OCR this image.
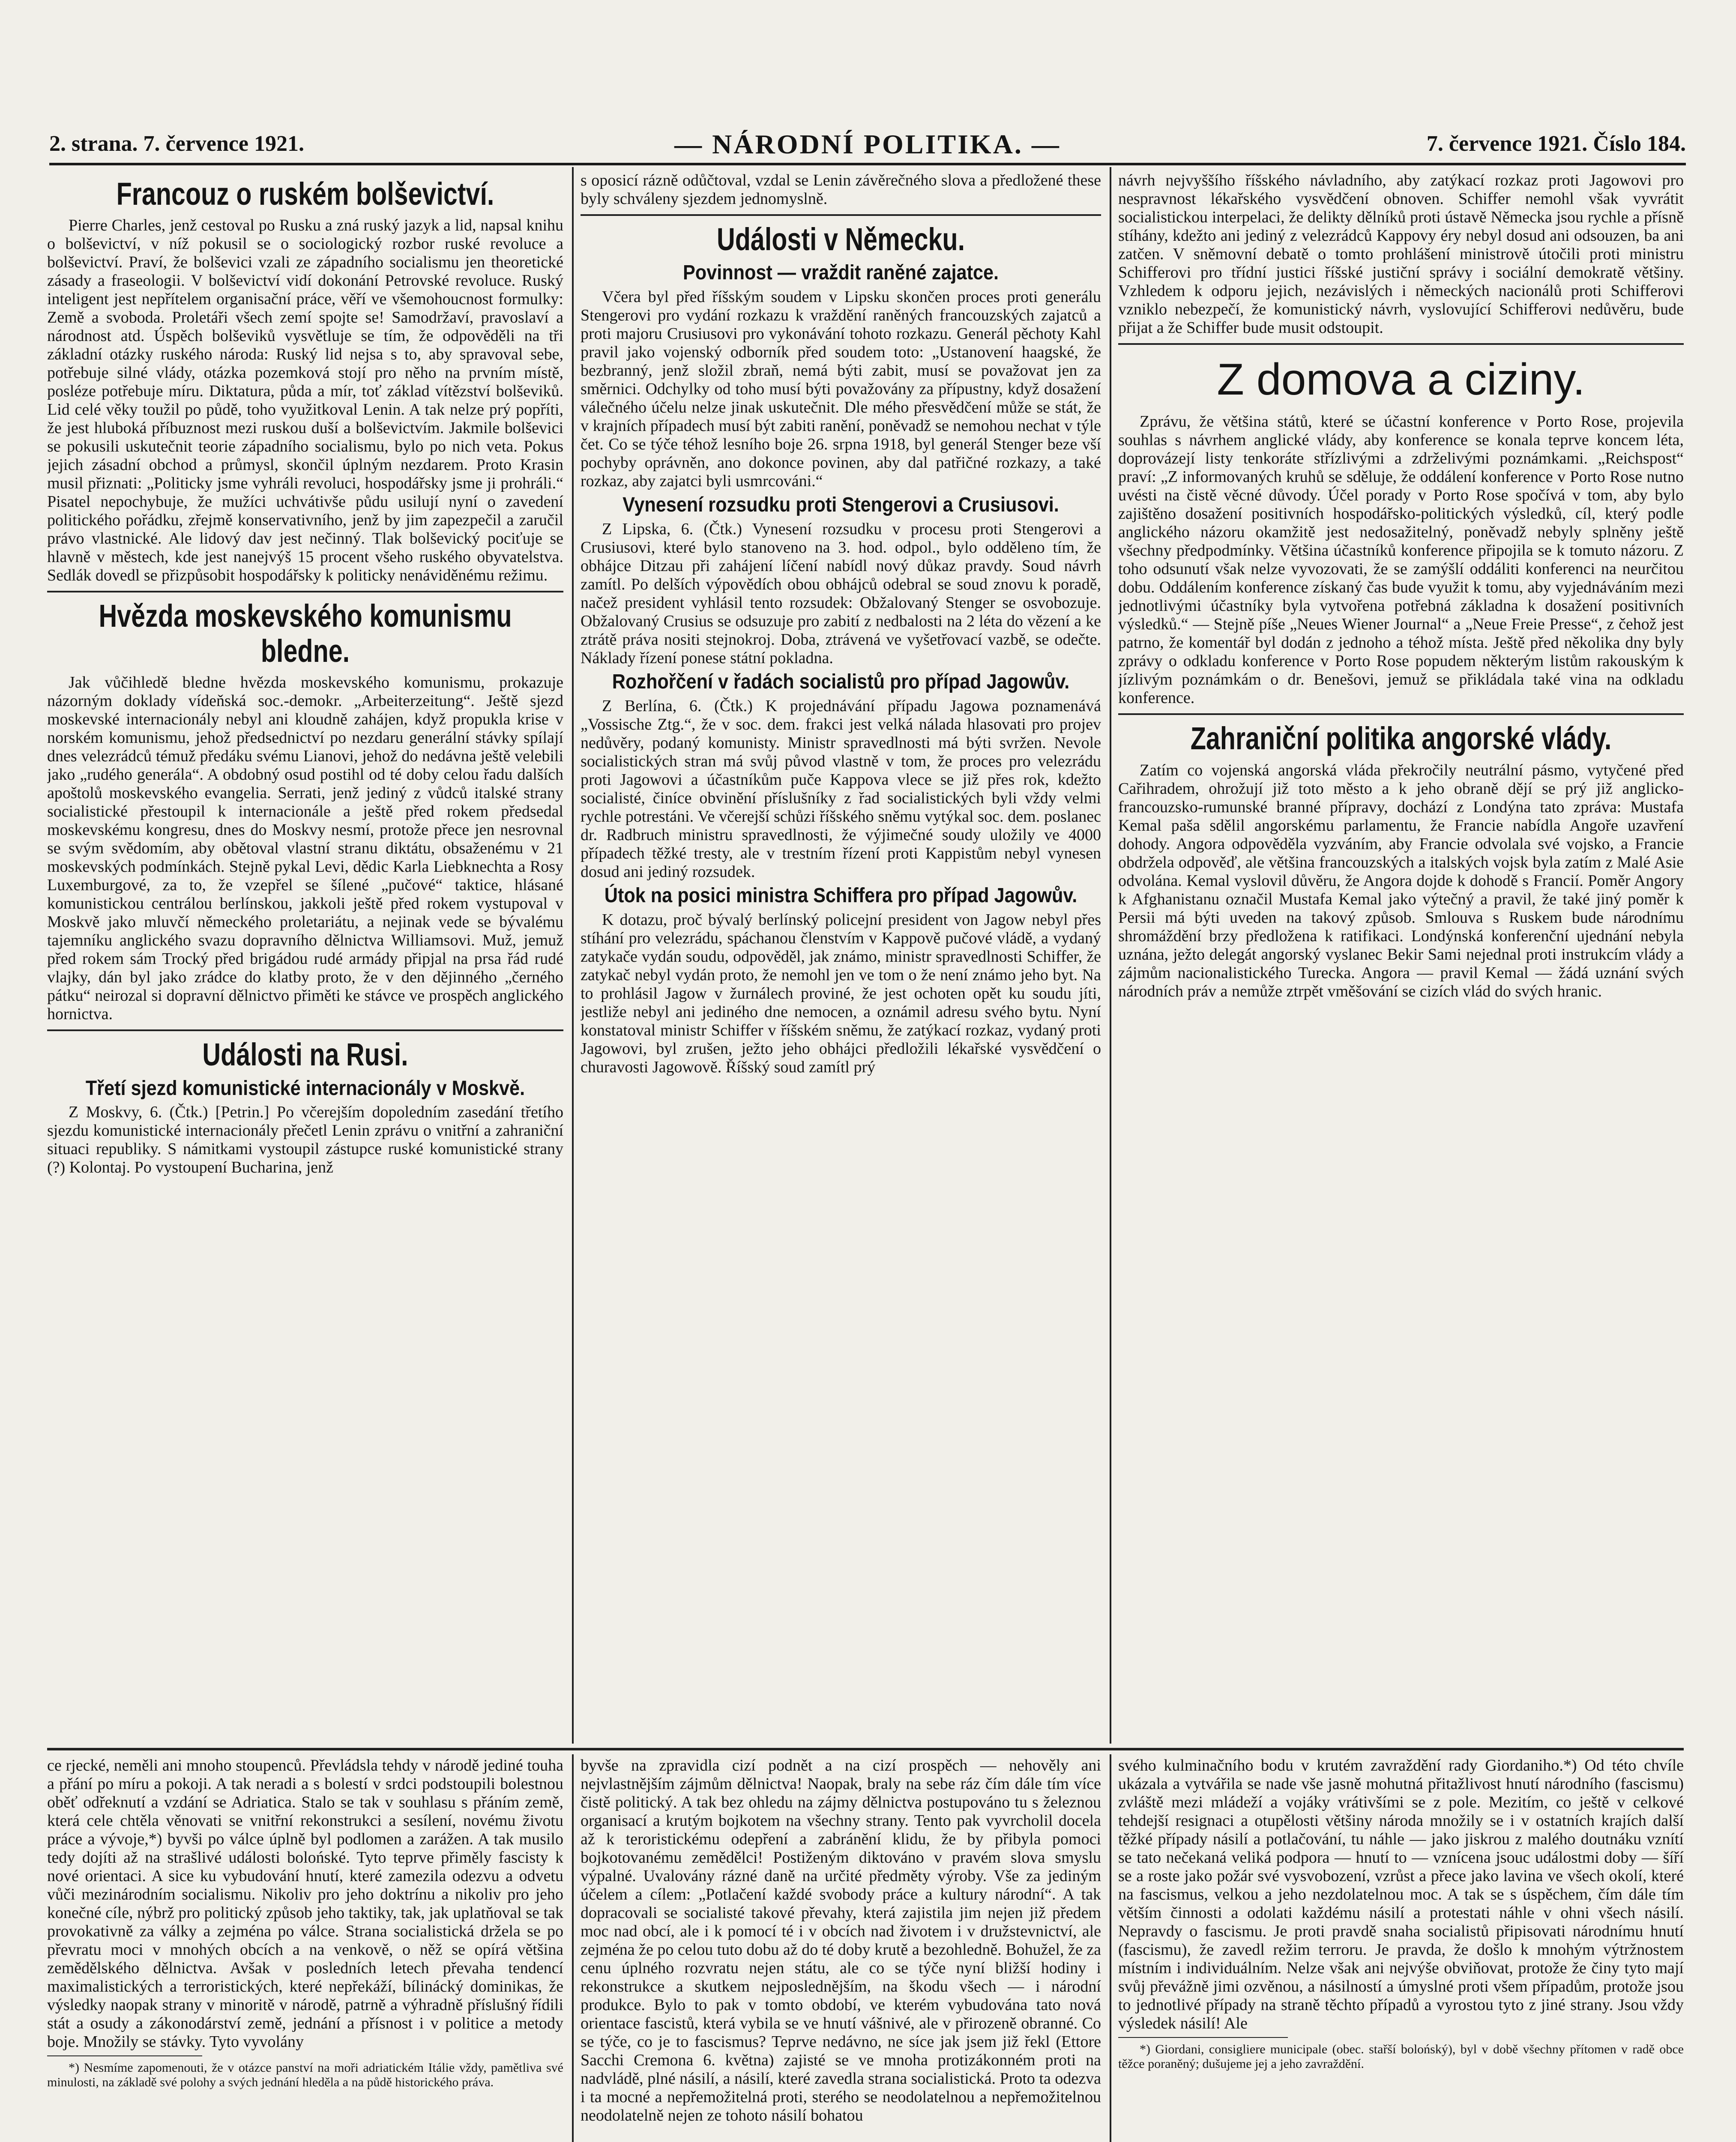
2. strana. 7. července 1921.	— NÁRODNÍ POLITIKA. —	7. července 1921. Číslo 184.
Francouz o ruském bolševictví.

Pierre Charles, jenž cestoval po Rusku a zná ruský jazyk a lid, napsal knihu o bolševictví, v níž pokusil se o sociologický rozbor ruské revoluce a bolševictví. Praví, že bolševici vzali ze západního socialismu jen theoretické zásady a fraseologii. V bolševictví vidí dokonání Petrovské revoluce. Ruský inteligent jest nepřítelem organisační práce, věří ve všemohoucnost formulky: Země a svoboda. Proletáři všech zemí spojte se! Samodržaví, pravoslaví a národnost atd. Úspěch bolševiků vysvětluje se tím, že odpověděli na tři základní otázky ruského národa: Ruský lid nejsa s to, aby spravoval sebe, potřebuje silné vlády, otázka pozemková stojí pro něho na prvním místě, posléze potřebuje míru. Diktatura, půda a mír, toť základ vítězství bolševiků. Lid celé věky toužil po půdě, toho využitkoval Lenin. A tak nelze prý popříti, že jest hluboká příbuznost mezi ruskou duší a bolševictvím. Jakmile bolševici se pokusili uskutečnit teorie západního socialismu, bylo po nich veta. Pokus jejich zásadní obchod a průmysl, skončil úplným nezdarem. Proto Krasin musil přiznati: „Politicky jsme vyhráli revoluci, hospodářsky jsme ji prohráli.“ Pisatel nepochybuje, že mužíci uchvátivše půdu usilují nyní o zavedení politického pořádku, zřejmě konservativního, jenž by jim zapezpečil a zaručil právo vlastnické. Ale lidový dav jest nečinný. Tlak bolševický pociťuje se hlavně v městech, kde jest nanejvýš 15 procent všeho ruského obyvatelstva. Sedlák dovedl se přizpůsobit hospodářsky k politicky nenáviděnému režimu.

Hvězda moskevského komunismu bledne.

Jak vůčihledě bledne hvězda moskevského komunismu, prokazuje názorným doklady vídeňská soc.-demokr. „Arbeiterzeitung“. Ještě sjezd moskevské internacionály nebyl ani kloudně zahájen, když propukla krise v norském komunismu, jehož předsednictví po nezdaru generální stávky spílají dnes velezrádců témuž předáku svému Lianovi, jehož do nedávna ještě velebili jako „rudého generála“. A obdobný osud postihl od té doby celou řadu dalších apoštolů moskevského evangelia. Serrati, jenž jediný z vůdců italské strany socialistické přestoupil k internacionále a ještě před rokem předsedal moskevskému kongresu, dnes do Moskvy nesmí, protože přece jen nesrovnal se svým svědomím, aby obětoval vlastní stranu diktátu, obsaženému v 21 moskevských podmínkách. Stejně pykal Levi, dědic Karla Liebknechta a Rosy Luxemburgové, za to, že vzepřel se šílené „pučové“ taktice, hlásané komunistickou centrálou berlínskou, jakkoli ještě před rokem vystupoval v Moskvě jako mluvčí německého proletariátu, a nejinak vede se bývalému tajemníku anglického svazu dopravního dělnictva Williamsovi. Muž, jemuž před rokem sám Trocký před brigádou rudé armády připjal na prsa řád rudé vlajky, dán byl jako zrádce do klatby proto, že v den dějinného „černého pátku“ neirozal si dopravní dělnictvo přiměti ke stávce ve prospěch anglického hornictva.

Události na Rusi.
Třetí sjezd komunistické internacionály v Moskvě.

Z Moskvy, 6. (Čtk.) [Petrin.] Po včerejším dopoledním zasedání třetího sjezdu komunistické internacionály přečetl Lenin zprávu o vnitřní a zahraniční situaci republiky. S námitkami vystoupil zástupce ruské komunistické strany (?) Kolontaj. Po vystoupení Bucharina, jenž

s oposicí rázně odůčtoval, vzdal se Lenin závěrečného slova a předložené these byly schváleny sjezdem jednomyslně.

Události v Německu.
Povinnost — vraždit raněné zajatce.

Včera byl před říšským soudem v Lipsku skončen proces proti generálu Stengerovi pro vydání rozkazu k vraždění raněných francouzských zajatců a proti majoru Crusiusovi pro vykonávání tohoto rozkazu. Generál pěchoty Kahl pravil jako vojenský odborník před soudem toto: „Ustanovení haagské, že bezbranný, jenž složil zbraň, nemá býti zabit, musí se považovat jen za směrnici. Odchylky od toho musí býti považovány za přípustny, když dosažení válečného účelu nelze jinak uskutečnit. Dle mého přesvědčení může se stát, že v krajních případech musí být zabiti ranění, poněvadž se nemohou nechat v týle čet. Co se týče téhož lesního boje 26. srpna 1918, byl generál Stenger beze vší pochyby oprávněn, ano dokonce povinen, aby dal patřičné rozkazy, a také rozkaz, aby zajatci byli usmrcováni.“

Vynesení rozsudku proti Stengerovi a Crusiusovi.

Z Lipska, 6. (Čtk.) Vynesení rozsudku v procesu proti Stengerovi a Crusiusovi, které bylo stanoveno na 3. hod. odpol., bylo odděleno tím, že obhájce Ditzau při zahájení líčení nabídl nový důkaz pravdy. Soud návrh zamítl. Po delších výpovědích obou obhájců odebral se soud znovu k poradě, načež president vyhlásil tento rozsudek: Obžalovaný Stenger se osvobozuje. Obžalovaný Crusius se odsuzuje pro zabití z nedbalosti na 2 léta do vězení a ke ztrátě práva nositi stejnokroj. Doba, ztrávená ve vyšetřovací vazbě, se odečte. Náklady řízení ponese státní pokladna.

Rozhořčení v řadách socialistů pro případ Jagowův.

Z Berlína, 6. (Čtk.) K projednávání případu Jagowa poznamenává „Vossische Ztg.“, že v soc. dem. frakci jest velká nálada hlasovati pro projev nedůvěry, podaný komunisty. Ministr spravedlnosti má býti svržen. Nevole socialistických stran má svůj původ vlastně v tom, že proces pro velezrádu proti Jagowovi a účastníkům puče Kappova vlece se již přes rok, kdežto socialisté, činíce obvinění příslušníky z řad socialistických byli vždy velmi rychle potrestáni. Ve včerejší schůzi říšského sněmu vytýkal soc. dem. poslanec dr. Radbruch ministru spravedlnosti, že výjimečné soudy uložily ve 4000 případech těžké tresty, ale v trestním řízení proti Kappistům nebyl vynesen dosud ani jediný rozsudek.

Útok na posici ministra Schiffera pro případ Jagowův.

K dotazu, proč bývalý berlínský policejní president von Jagow nebyl přes stíhání pro velezrádu, spáchanou členstvím v Kappově pučové vládě, a vydaný zatykače vydán soudu, odpověděl, jak známo, ministr spravedlnosti Schiffer, že zatykač nebyl vydán proto, že nemohl jen ve tom o že není známo jeho byt. Na to prohlásil Jagow v žurnálech proviné, že jest ochoten opět ku soudu jíti, jestliže nebyl ani jediného dne nemocen, a oznámil adresu svého bytu. Nyní konstatoval ministr Schiffer v říšském sněmu, že zatýkací rozkaz, vydaný proti Jagowovi, byl zrušen, ježto jeho obhájci předložili lékařské vysvědčení o churavosti Jagowově. Říšský soud zamítl prý

návrh nejvyššího říšského návladního, aby zatýkací rozkaz proti Jagowovi pro nespravnost lékařského vysvědčení obnoven. Schiffer nemohl však vyvrátit socialistickou interpelaci, že delikty dělníků proti ústavě Německa jsou rychle a přísně stíhány, kdežto ani jediný z velezrádců Kappovy éry nebyl dosud ani odsouzen, ba ani zatčen. V sněmovní debatě o tomto prohlášení ministrově útočili proti ministru Schifferovi pro třídní justici říšské justiční správy i sociální demokratě většiny. Vzhledem k odporu jejich, nezávislých i německých nacionálů proti Schifferovi vzniklo nebezpečí, že komunistický návrh, vyslovující Schifferovi nedůvěru, bude přijat a že Schiffer bude musit odstoupit.

Z domova a ciziny.

Zprávu, že většina států, které se účastní konference v Porto Rose, projevila souhlas s návrhem anglické vlády, aby konference se konala teprve koncem léta, doprovázejí listy tenkoráte střízlivými a zdrželivými poznámkami. „Reichspost“ praví: „Z informovaných kruhů se sděluje, že oddálení konference v Porto Rose nutno uvésti na čistě věcné důvody. Účel porady v Porto Rose spočívá v tom, aby bylo zajištěno dosažení positivních hospodářsko-politických výsledků, cíl, který podle anglického názoru okamžitě jest nedosažitelný, poněvadž nebyly splněny ještě všechny předpodmínky. Většina účastníků konference připojila se k tomuto názoru. Z toho odsunutí však nelze vyvozovati, že se zamýšlí oddáliti konferenci na neurčitou dobu. Oddálením konference získaný čas bude využit k tomu, aby vyjednáváním mezi jednotlivými účastníky byla vytvořena potřebná základna k dosažení positivních výsledků.“ — Stejně píše „Neues Wiener Journal“ a „Neue Freie Presse“, z čehož jest patrno, že komentář byl dodán z jednoho a téhož místa. Ještě před několika dny byly zprávy o odkladu konference v Porto Rose popudem některým listům rakouským k jízlivým poznámkám o dr. Benešovi, jemuž se přikládala také vina na odkladu konference.

Zahraniční politika angorské vlády.

Zatím co vojenská angorská vláda překročily neutrální pásmo, vytyčené před Cařihradem, ohrožují již toto město a k jeho obraně dějí se prý již anglicko-francouzsko-rumunské branné přípravy, dochází z Londýna tato zpráva: Mustafa Kemal paša sdělil angorskému parlamentu, že Francie nabídla Angoře uzavření dohody. Angora odpověděla vyzváním, aby Francie odvolala své vojsko, a Francie obdržela odpověď, ale většina francouzských a italských vojsk byla zatím z Malé Asie odvolána. Kemal vyslovil důvěru, že Angora dojde k dohodě s Francií. Poměr Angory k Afghanistanu označil Mustafa Kemal jako výtečný a pravil, že také jiný poměr k Persii má býti uveden na takový způsob. Smlouva s Ruskem bude národnímu shromáždění brzy předložena k ratifikaci. Londýnská konferenční ujednání nebyla uznána, ježto delegát angorský vyslanec Bekir Sami nejednal proti instrukcím vlády a zájmům nacionalistického Turecka. Angora — pravil Kemal — žádá uznání svých národních práv a nemůže ztrpět vměšování se cizích vlád do svých hranic.

ce rjecké, neměli ani mnoho stoupenců. Převládsla tehdy v národě jediné touha a přání po míru a pokoji. A tak neradi a s bolestí v srdci podstoupili bolestnou oběť odřeknutí a vzdání se Adriatica. Stalo se tak v souhlasu s přáním země, která cele chtěla věnovati se vnitřní rekonstrukci a sesílení, novému životu práce a vývoje,*) byvši po válce úplně byl podlomen a zarážen. A tak musilo tedy dojíti až na strašlivé události bolońské. Tyto teprve přiměly fascisty k nové orientaci. A sice ku vybudování hnutí, které zamezila odezvu a odvetu vůči mezinárodním socialismu. Nikoliv pro jeho doktrínu a nikoliv pro jeho konečné cíle, nýbrž pro politický způsob jeho taktiky, tak, jak uplatňoval se tak provokativně za války a zejména po válce. Strana socialistická držela se po převratu moci v mnohých obcích a na venkově, o něž se opírá většina zemědělského dělnictva. Avšak v posledních letech převaha tendencí maximalistických a terroristických, které nepřekáží, bílinácký dominikas, že výsledky naopak strany v minoritě v národě, patrně a výhradně příslušný řídili stát a osudy a zákonodárství země, jednání a přísnost i v politice a metody boje. Množily se stávky. Tyto vyvolány

*) Nesmíme zapomenouti, že v otázce panství na moři adriatickém Itálie vždy, pamětliva své minulosti, na základě své polohy a svých jednání hleděla a na půdě historického práva.

byvše na zpravidla cizí podnět a na cizí prospěch — nehověly ani nejvlastnějším zájmům dělnictva! Naopak, braly na sebe ráz čím dále tím více čistě politický. A tak bez ohledu na zájmy dělnictva postupováno tu s železnou organisací a krutým bojkotem na všechny strany. Tento pak vyvrcholil docela až k teroristickému odepření a zabránění klidu, že by přibyla pomoci bojkotovanému zemědělci! Postiženým diktováno v pravém slova smyslu výpalné. Uvalovány rázné daně na určité předměty výroby. Vše za jediným účelem a cílem: „Potlačení každé svobody práce a kultury národní“. A tak dopracovali se socialisté takové převahy, která zajistila jim nejen již předem moc nad obcí, ale i k pomocí té i v obcích nad životem i v družstevnictví, ale zejména že po celou tuto dobu až do té doby krutě a bezohledně. Bohužel, že za cenu úplného rozvratu nejen státu, ale co se týče nyní bližší hodiny i rekonstrukce a skutkem nejposlednějším, na škodu všech — i národní produkce. Bylo to pak v tomto období, ve kterém vybudována tato nová orientace fascistů, která vybila se ve hnutí vášnivé, ale v přirozeně obranné. Co se týče, co je to fascismus? Teprve nedávno, ne síce jak jsem již řekl (Ettore Sacchi Cremona 6. května) zajisté se ve mnoha protizákonném proti na nadvládě, plné násilí, a násilí, které zavedla strana socialistická. Proto ta odezva i ta mocné a nepřemožitelná proti, sterého se neodolatelnou a nepřemožitelnou neodolatelně nejen ze tohoto násilí bohatou

svého kulminačního bodu v krutém zavraždění rady Giordaniho.*) Od této chvíle ukázala a vytvářila se nade vše jasně mohutná přitažlivost hnutí národního (fascismu) zvláště mezi mládeží a vojáky vrátivšími se z pole. Mezitím, co ještě v celkové tehdejší resignaci a otupělosti většiny národa množily se i v ostatních krajích další těžké případy násilí a potlačování, tu náhle — jako jiskrou z malého doutnáku vznítí se tato nečekaná veliká podpora — hnutí to — vznícena jsouc událostmi doby — šíří se a roste jako požár své vysvobození, vzrůst a přece jako lavina ve všech okolí, které na fascismus, velkou a jeho nezdolatelnou moc. A tak se s úspěchem, čím dále tím větším činnosti a odolati každému násilí a protestati náhle v ohni všech násilí. Nepravdy o fascismu. Je proti pravdě snaha socialistů připisovati národnímu hnutí (fascismu), že zavedl režim terroru. Je pravda, že došlo k mnohým výtržnostem místním i individuálním. Nelze však ani nejvýše obviňovat, protože že činy tyto mají svůj převážně jimi ozvěnou, a násilností a úmyslné proti všem případům, protože jsou to jednotlivé případy na straně těchto případů a vyrostou tyto z jiné strany. Jsou vždy výsledek násilí! Ale

*) Giordani, consigliere municipale (obec. stařší bolońský), byl v době všechny přítomen v radě obce těžce poraněný; dušujeme jej a jeho zavraždění.
